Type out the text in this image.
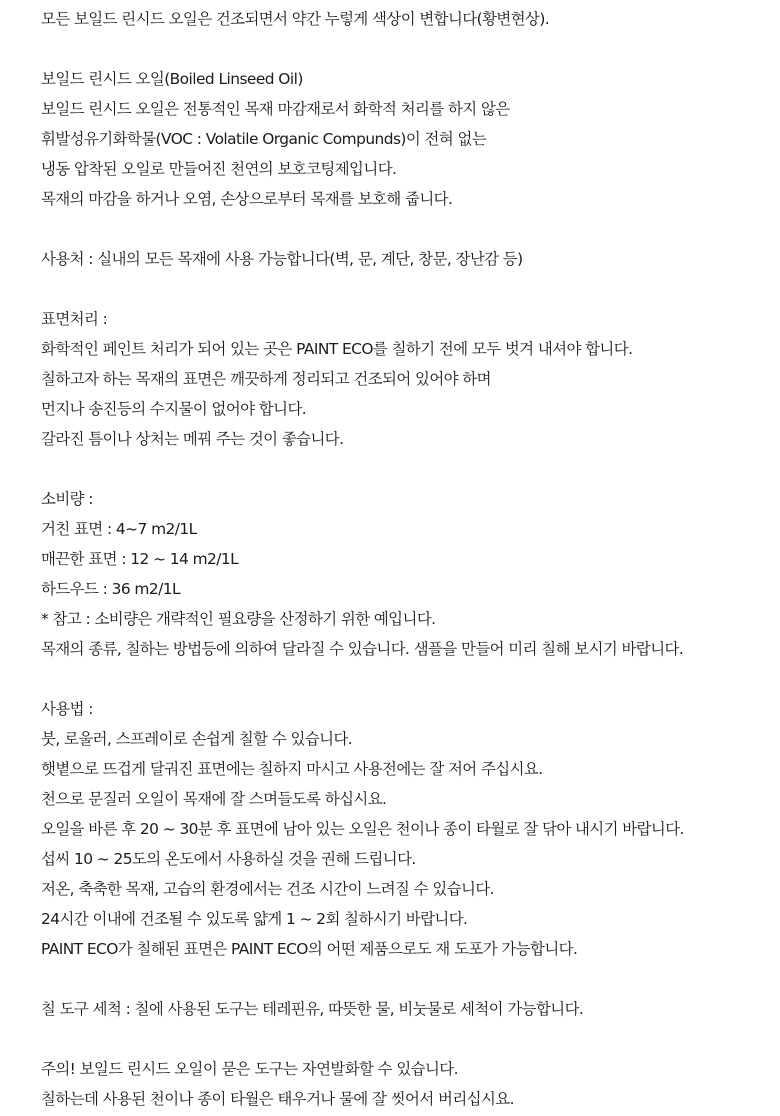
모든 보일드 린시드 오일은 건조되면서 약간 누렇게 색상이 변합니다(황변현상).
보일드 린시드 오일(Boiled Linseed Oil)
보일드 린시드 오일은 전통적인 목재 마감재로서 화학적 처리를 하지 않은
휘발성유기화학물(VOC : Volatile Organic Compunds)이 전혀 없는
냉동 압착된 오일로 만들어진 천연의 보호코팅제입니다.
목재의 마감을 하거나 오염, 손상으로부터 목재를 보호해 줍니다.
사용처 : 실내의 모든 목재에 사용 가능합니다(벽, 문, 계단, 창문, 장난감 등)
표면처리 :
화학적인 페인트 처리가 되어 있는 곳은 PAINT ECO를 칠하기 전에 모두 벗겨 내셔야 합니다.
칠하고자 하는 목재의 표면은 깨끗하게 정리되고 건조되어 있어야 하며
먼지나 송진등의 수지물이 없어야 합니다.
갈라진 틈이나 상처는 메꿔 주는 것이 좋습니다.
소비량 :
거친 표면 : 4~7 m2/1L
매끈한 표면 : 12 ~ 14 m2/1L
하드우드 : 36 m2/1L
* 참고 : 소비량은 개략적인 필요량을 산정하기 위한 예입니다.
목재의 종류, 칠하는 방법등에 의하여 달라질 수 있습니다. 샘플을 만들어 미리 칠해 보시기 바랍니다.
사용법 :
붓, 로울러, 스프레이로 손쉽게 칠할 수 있습니다.
햇볕으로 뜨겁게 달궈진 표면에는 칠하지 마시고 사용전에는 잘 저어 주십시요.
천으로 문질러 오일이 목재에 잘 스며들도록 하십시요.
오일을 바른 후 20 ~ 30분 후 표면에 남아 있는 오일은 천이나 종이 타월로 잘 닦아 내시기 바랍니다.
섭씨 10 ~ 25도의 온도에서 사용하실 것을 권해 드립니다.
저온, 축축한 목재, 고습의 환경에서는 건조 시간이 느려질 수 있습니다.
24시간 이내에 건조될 수 있도록 얇게 1 ~ 2회 칠하시기 바랍니다.
PAINT ECO가 칠해된 표면은 PAINT ECO의 어떤 제품으로도 재 도포가 가능합니다.
칠 도구 세척 : 칠에 사용된 도구는 테레핀유, 따뜻한 물, 비눗물로 세척이 가능합니다.
주의! 보일드 린시드 오일이 묻은 도구는 자연발화할 수 있습니다.
칠하는데 사용된 천이나 종이 타월은 태우거나 물에 잘 씻어서 버리십시요.
